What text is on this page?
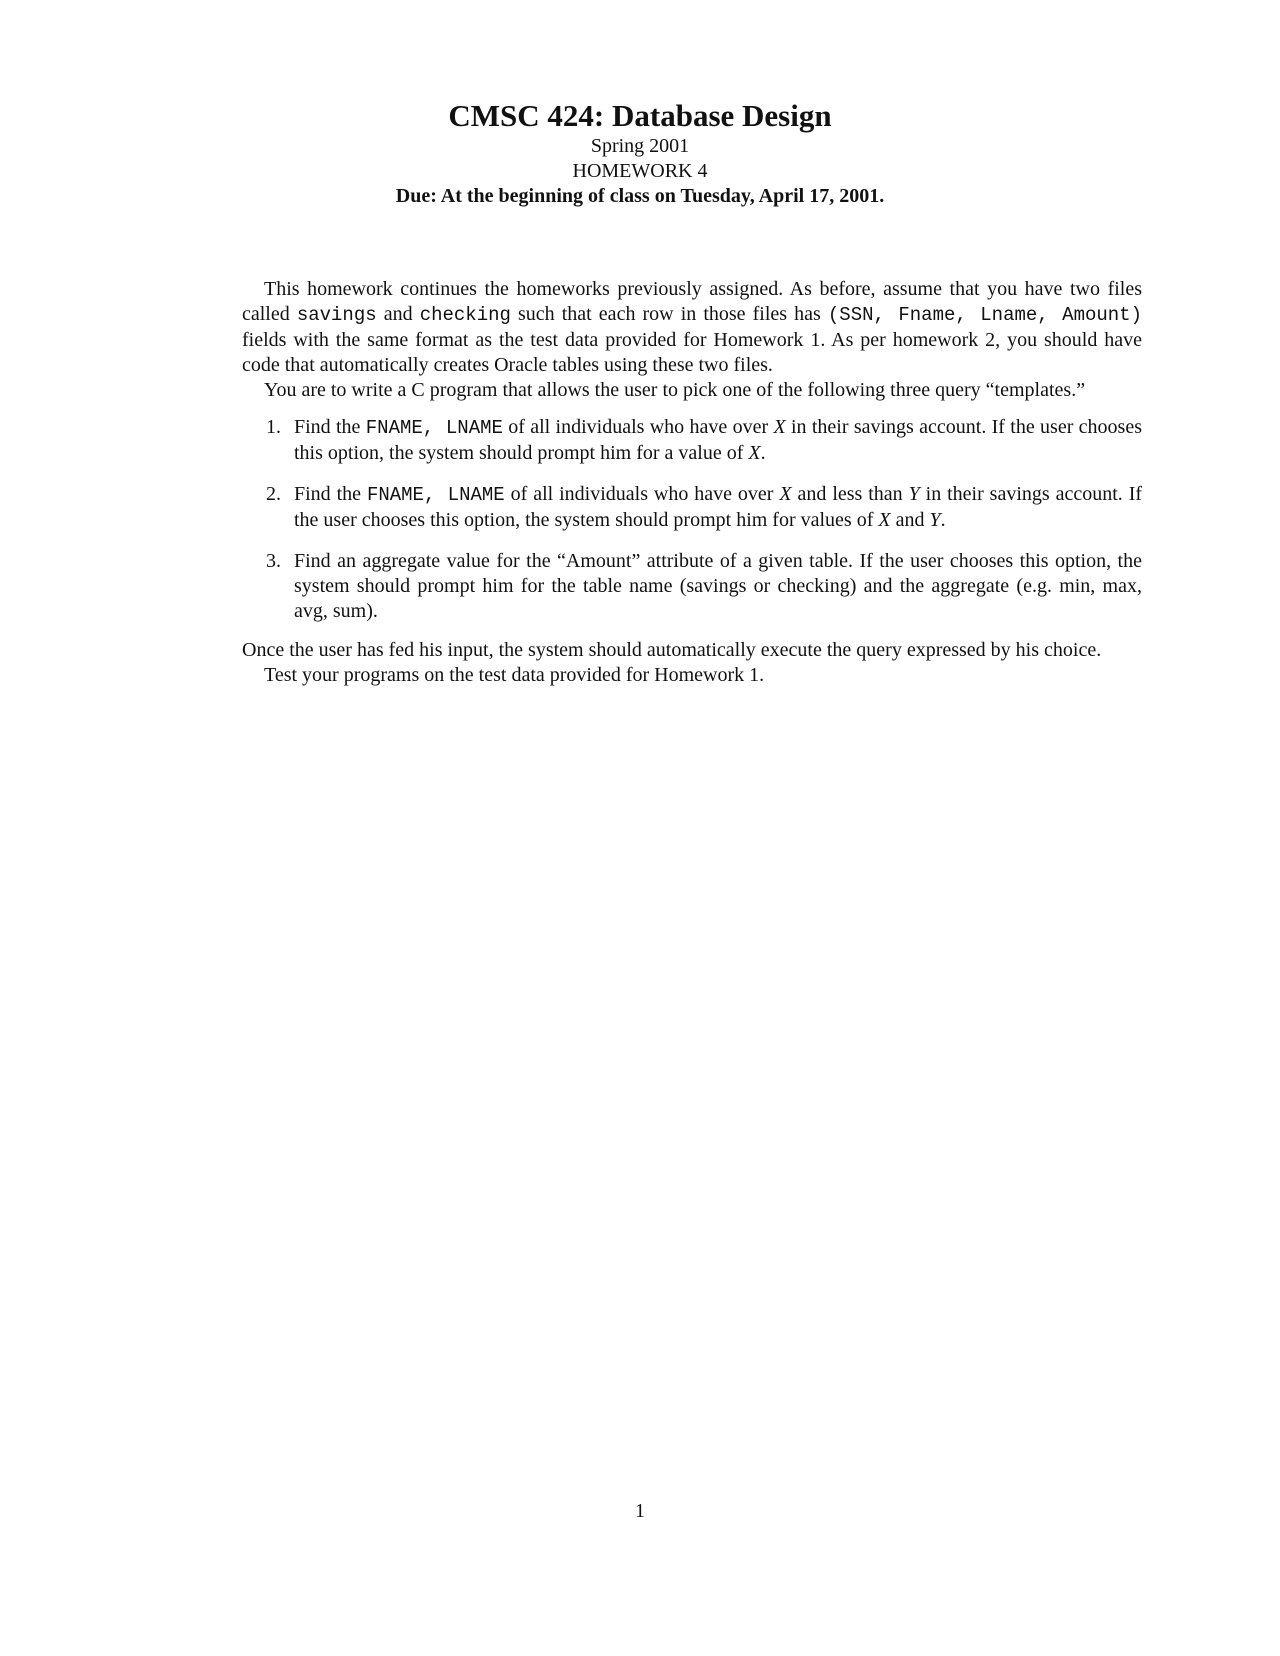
CMSC 424: Database Design

Spring 2001

HOMEWORK 4

Due: At the beginning of class on Tuesday, April 17, 2001.

This homework continues the homeworks previously assigned. As before, assume that you have two files called savings and checking such that each row in those files has (SSN, Fname, Lname, Amount) fields with the same format as the test data provided for Homework 1. As per homework 2, you should have code that automatically creates Oracle tables using these two files.

You are to write a C program that allows the user to pick one of the following three query “templates.”

1. Find the FNAME, LNAME of all individuals who have over X in their savings account. If the user chooses this option, the system should prompt him for a value of X.
2. Find the FNAME, LNAME of all individuals who have over X and less than Y in their savings account. If the user chooses this option, the system should prompt him for values of X and Y.
3. Find an aggregate value for the “Amount” attribute of a given table. If the user chooses this option, the system should prompt him for the table name (savings or checking) and the aggregate (e.g. min, max, avg, sum).

Once the user has fed his input, the system should automatically execute the query expressed by his choice.

Test your programs on the test data provided for Homework 1.

1
